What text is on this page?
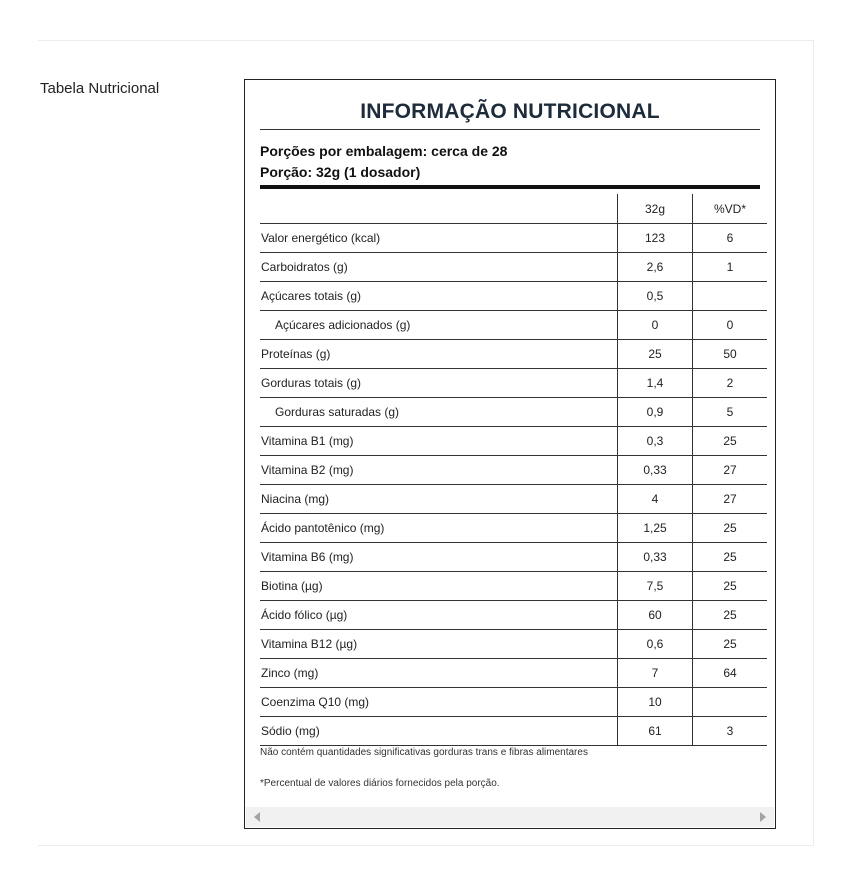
Tabela Nutricional
INFORMAÇÃO NUTRICIONAL
Porções por embalagem: cerca de 28
Porção: 32g (1 dosador)
	32g	%VD*
Valor energético (kcal)	123	6
Carboidratos (g)	2,6	1
Açúcares totais (g)	0,5	
Açúcares adicionados (g)	0	0
Proteínas (g)	25	50
Gorduras totais (g)	1,4	2
Gorduras saturadas (g)	0,9	5
Vitamina B1 (mg)	0,3	25
Vitamina B2 (mg)	0,33	27
Niacina (mg)	4	27
Ácido pantotênico (mg)	1,25	25
Vitamina B6 (mg)	0,33	25
Biotina (µg)	7,5	25
Ácido fólico (µg)	60	25
Vitamina B12 (µg)	0,6	25
Zinco (mg)	7	64
Coenzima Q10 (mg)	10	
Sódio (mg)	61	3
Não contém quantidades significativas gorduras trans e fibras alimentares
*Percentual de valores diários fornecidos pela porção.
